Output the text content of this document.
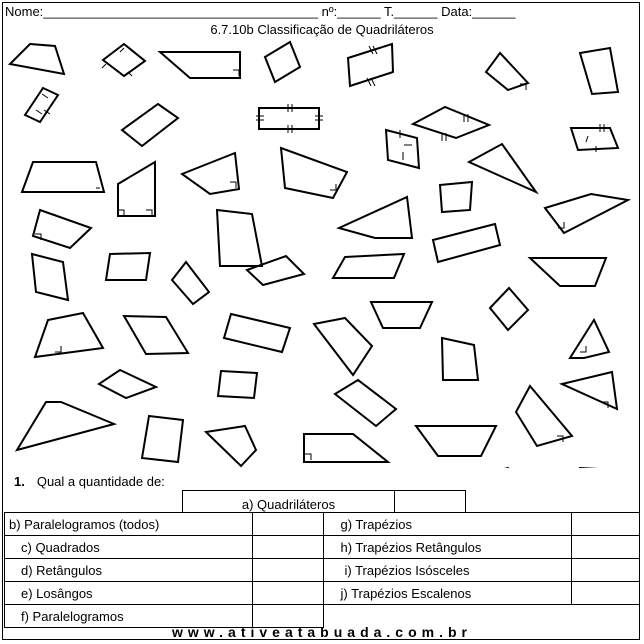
Nome:______________________________________ nº:______ T.______ Data:______
6.7.10b Classificação de Quadriláteros
1. Qual a quantidade de:
a) Quadriláteros
b) Paralelogramos (todos)		g) Trapézios	
c) Quadrados		h) Trapézios Retângulos	
d) Retângulos		i) Trapézios Isósceles	
e) Losângos		j) Trapézios Escalenos	
f) Paralelogramos			
www.ativeatabuada.com.br
